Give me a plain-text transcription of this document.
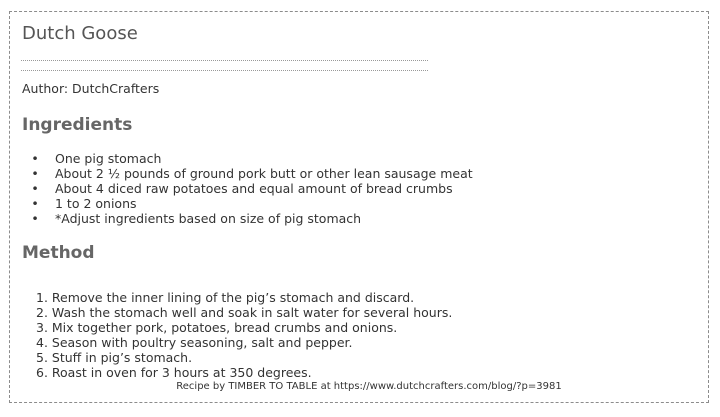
Dutch Goose
Author: DutchCrafters
Ingredients
• One pig stomach
• About 2 ½ pounds of ground pork butt or other lean sausage meat
• About 4 diced raw potatoes and equal amount of bread crumbs
• 1 to 2 onions
• *Adjust ingredients based on size of pig stomach
Method
1. Remove the inner lining of the pig’s stomach and discard.
2. Wash the stomach well and soak in salt water for several hours.
3. Mix together pork, potatoes, bread crumbs and onions.
4. Season with poultry seasoning, salt and pepper.
5. Stuff in pig’s stomach.
6. Roast in oven for 3 hours at 350 degrees.
Recipe by TIMBER TO TABLE at https://www.dutchcrafters.com/blog/?p=3981
